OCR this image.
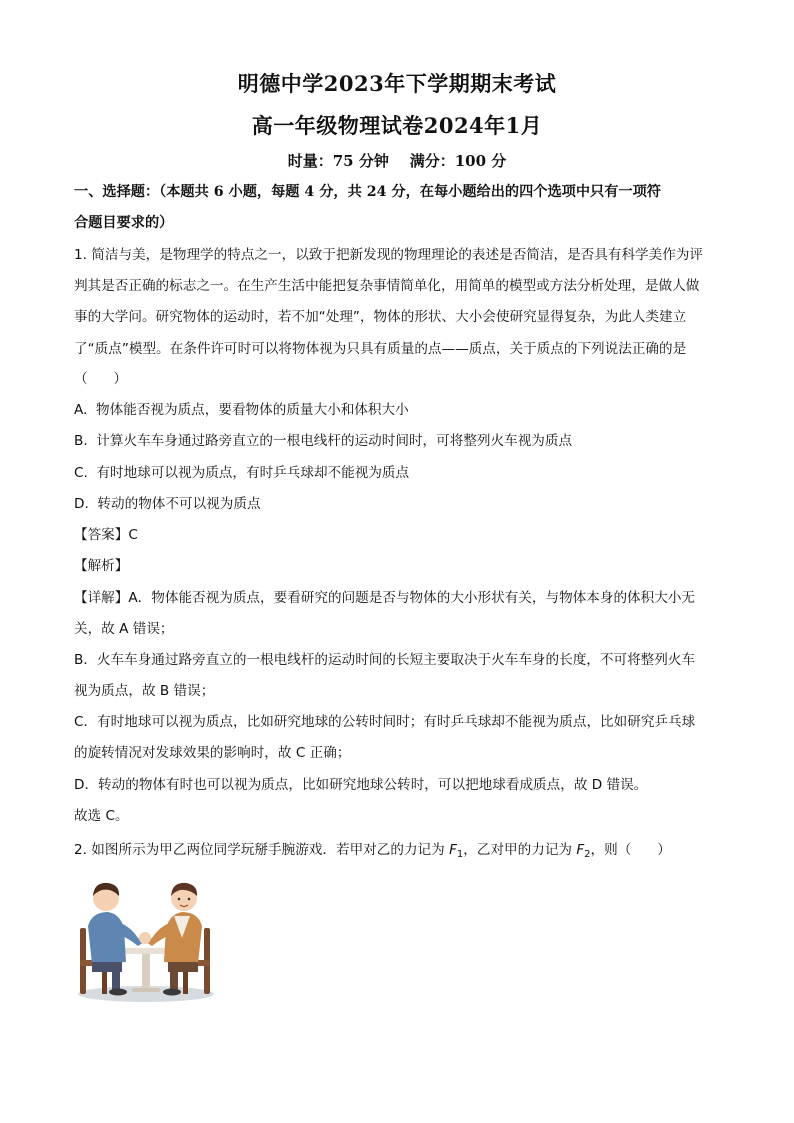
明德中学2023年下学期期末考试
高一年级物理试卷2024年1月
时量：75 分钟    满分：100 分
一、选择题：（本题共 6 小题，每题 4 分，共 24 分，在每小题给出的四个选项中只有一项符
合题目要求的）
1. 简洁与美，是物理学的特点之一，以致于把新发现的物理理论的表述是否简洁，是否具有科学美作为评
判其是否正确的标志之一。在生产生活中能把复杂事情简单化，用简单的模型或方法分析处理，是做人做
事的大学问。研究物体的运动时，若不加“处理”，物体的形状、大小会使研究显得复杂，为此人类建立
了“质点”模型。在条件许可时可以将物体视为只具有质量的点——质点，关于质点的下列说法正确的是
（      ）
A.  物体能否视为质点，要看物体的质量大小和体积大小
B.  计算火车车身通过路旁直立的一根电线杆的运动时间时，可将整列火车视为质点
C.  有时地球可以视为质点，有时乒乓球却不能视为质点
D.  转动的物体不可以视为质点
【答案】C
【解析】
【详解】A．物体能否视为质点，要看研究的问题是否与物体的大小形状有关，与物体本身的体积大小无
关，故 A 错误；
B．火车车身通过路旁直立的一根电线杆的运动时间的长短主要取决于火车车身的长度，不可将整列火车
视为质点，故 B 错误；
C．有时地球可以视为质点，比如研究地球的公转时间时；有时乒乓球却不能视为质点，比如研究乒乓球
的旋转情况对发球效果的影响时，故 C 正确；
D．转动的物体有时也可以视为质点，比如研究地球公转时，可以把地球看成质点，故 D 错误。
故选 C。
2. 如图所示为甲乙两位同学玩掰手腕游戏．若甲对乙的力记为 $F_1$，乙对甲的力记为 $F_2$，则（      ）
